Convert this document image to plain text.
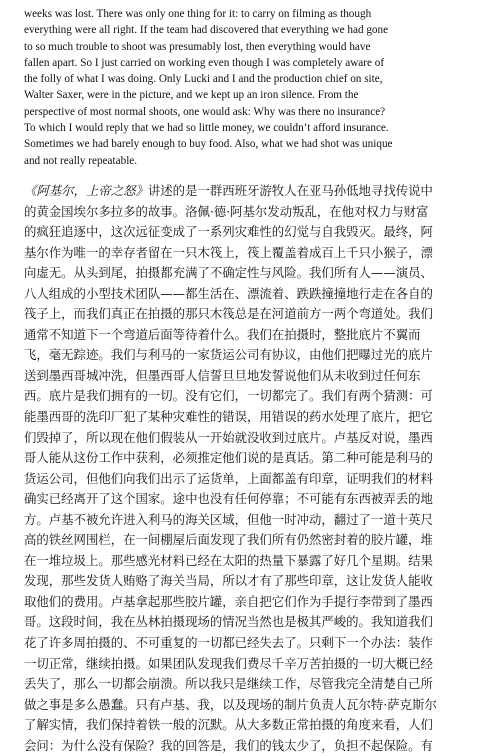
weeks was lost. There was only one thing for it: to carry on filming as though
everything were all right. If the team had discovered that everything we had gone
to so much trouble to shoot was presumably lost, then everything would have
fallen apart. So I just carried on working even though I was completely aware of
the folly of what I was doing. Only Lucki and I and the production chief on site,
Walter Saxer, were in the picture, and we kept up an iron silence. From the
perspective of most normal shoots, one would ask: Why was there no insurance?
To which I would reply that we had so little money, we couldn’t afford insurance.
Sometimes we had barely enough to buy food. Also, what we had shot was unique
and not really repeatable.
《阿基尔，上帝之怒》讲述的是一群西班牙游牧人在亚马孙低地寻找传说中
的黄金国埃尔多拉多的故事。洛佩·德·阿基尔发动叛乱，在他对权力与财富
的疯狂追逐中，这次远征变成了一系列灾难性的幻觉与自我毁灭。最终，阿
基尔作为唯一的幸存者留在一只木筏上，筏上覆盖着成百上千只小猴子，漂
向虚无。从头到尾，拍摄都充满了不确定性与风险。我们所有人——演员、
八人组成的小型技术团队——都生活在、漂流着、跌跌撞撞地行走在各自的
筏子上，而我们真正在拍摄的那只木筏总是在河道前方一两个弯道处。我们
通常不知道下一个弯道后面等待着什么。我们在拍摄时，整批底片不翼而
飞，毫无踪迹。我们与利马的一家货运公司有协议，由他们把曝过光的底片
送到墨西哥城冲洗，但墨西哥人信誓旦旦地发誓说他们从未收到过任何东
西。底片是我们拥有的一切。没有它们，一切都完了。我们有两个猜测：可
能墨西哥的洗印厂犯了某种灾难性的错误，用错误的药水处理了底片，把它
们毁掉了，所以现在他们假装从一开始就没收到过底片。卢基反对说，墨西
哥人能从这份工作中获利，必须推定他们说的是真话。第二种可能是利马的
货运公司，但他们向我们出示了运货单，上面都盖有印章，证明我们的材料
确实已经离开了这个国家。途中也没有任何停靠；不可能有东西被弄丢的地
方。卢基不被允许进入利马的海关区域，但他一时冲动，翻过了一道十英尺
高的铁丝网围栏，在一间棚屋后面发现了我们所有仍然密封着的胶片罐，堆
在一堆垃圾上。那些感光材料已经在太阳的热量下暴露了好几个星期。结果
发现，那些发货人贿赂了海关当局，所以才有了那些印章，这让发货人能收
取他们的费用。卢基拿起那些胶片罐，亲自把它们作为手提行李带到了墨西
哥。这段时间，我在丛林拍摄现场的情况当然也是极其严峻的。我知道我们
花了许多周拍摄的、不可重复的一切都已经失去了。只剩下一个办法：装作
一切正常，继续拍摄。如果团队发现我们费尽千辛万苦拍摄的一切大概已经
丢失了，那么一切都会崩溃。所以我只是继续工作，尽管我完全清楚自己所
做之事是多么愚蠢。只有卢基、我，以及现场的制片负责人瓦尔特·萨克斯尔
了解实情，我们保持着铁一般的沉默。从大多数正常拍摄的角度来看，人们
会问：为什么没有保险？我的回答是，我们的钱太少了，负担不起保险。有
